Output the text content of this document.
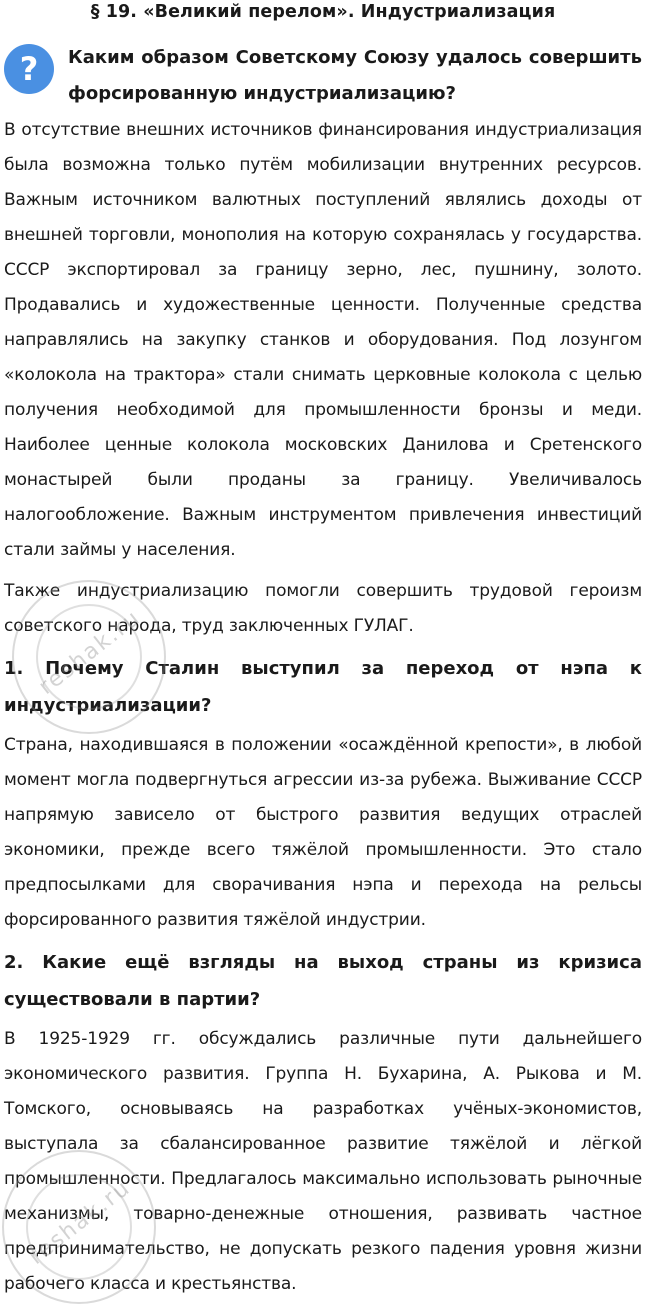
§ 19. «Великий перелом». Индустриализация
?	Каким образом Советскому Союзу удалось совершить форсированную индустриализацию?

В отсутствие внешних источников финансирования индустриализация была возможна только путём мобилизации внутренних ресурсов. Важным источником валютных поступлений являлись доходы от внешней торговли, монополия на которую сохранялась у государства. СССР экспортировал за границу зерно, лес, пушнину, золото. Продавались и художественные ценности. Полученные средства направлялись на закупку станков и оборудования. Под лозунгом «колокола на трактора» стали снимать церковные колокола с целью получения необходимой для промышленности бронзы и меди. Наиболее ценные колокола московских Данилова и Сретенского монастырей были проданы за границу. Увеличивалось налогообложение. Важным инструментом привлечения инвестиций стали займы у населения.

Также индустриализацию помогли совершить трудовой героизм советского народа, труд заключенных ГУЛАГ.

1. Почему Сталин выступил за переход от нэпа к индустриализации?

Страна, находившаяся в положении «осаждённой крепости», в любой момент могла подвергнуться агрессии из-за рубежа. Выживание СССР напрямую зависело от быстрого развития ведущих отраслей экономики, прежде всего тяжёлой промышленности. Это стало предпосылками для сворачивания нэпа и перехода на рельсы форсированного развития тяжёлой индустрии.

2. Какие ещё взгляды на выход страны из кризиса существовали в партии?

В 1925-1929 гг. обсуждались различные пути дальнейшего экономического развития. Группа Н. Бухарина, А. Рыкова и М. Томского, основываясь на разработках учёных-экономистов, выступала за сбалансированное развитие тяжёлой и лёгкой промышленности. Предлагалось максимально использовать рыночные механизмы, товарно-денежные отношения, развивать частное предпринимательство, не допускать резкого падения уровня жизни рабочего класса и крестьянства.

reshak.ru
reshak.ru
